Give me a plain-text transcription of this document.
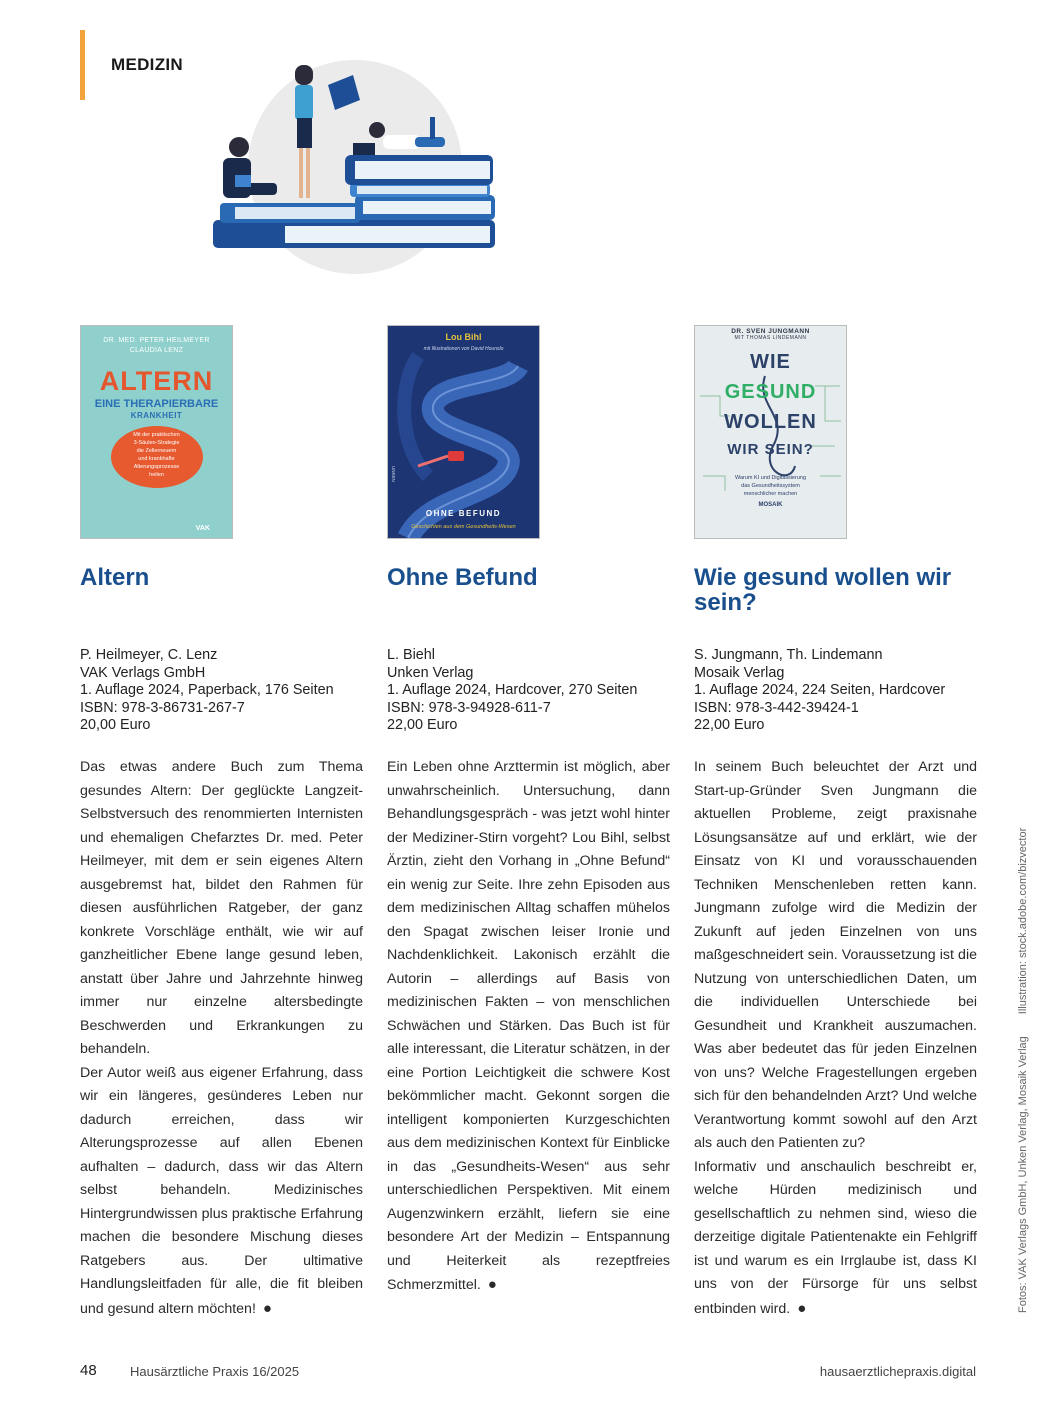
MEDIZIN
DR. MED. PETER HEILMEYER
CLAUDIA LENZ
ALTERN
EINE THERAPIERBARE
KRANKHEIT
Mit der praktischen
3-Säulen-Strategie
die Zellerneuern
und krankhafte
Alterungsprozesse
heilen
VAK
Altern
P. Heilmeyer, C. Lenz
VAK Verlags GmbH
1. Auflage 2024, Paperback, 176 Seiten
ISBN: 978-3-86731-267-7
20,00 Euro

Das etwas andere Buch zum Thema gesundes Altern: Der geglückte Langzeit-Selbstversuch des renommierten Internisten und ehemaligen Chefarztes Dr. med. Peter Heilmeyer, mit dem er sein eigenes Altern ausgebremst hat, bildet den Rahmen für diesen ausführlichen Ratgeber, der ganz konkrete Vorschläge enthält, wie wir auf ganzheitlicher Ebene lange gesund leben, anstatt über Jahre und Jahrzehnte hinweg immer nur einzelne altersbedingte Beschwerden und Erkrankungen zu behandeln.

Der Autor weiß aus eigener Erfahrung, dass wir ein längeres, gesünderes Leben nur dadurch erreichen, dass wir Alterungsprozesse auf allen Ebenen aufhalten – dadurch, dass wir das Altern selbst behandeln. Medizinisches Hintergrundwissen plus praktische Erfahrung machen die besondere Mischung dieses Ratgebers aus. Der ultimative Handlungsleitfaden für alle, die fit bleiben und gesund altern möchten! ●

Lou Bihl
mit Illustrationen von David Hounslo
UNKEN
OHNE BEFUND
Geschichten aus dem Gesundheits-Wesen
Ohne Befund
L. Biehl
Unken Verlag
1. Auflage 2024, Hardcover, 270 Seiten
ISBN: 978-3-94928-611-7
22,00 Euro

Ein Leben ohne Arzttermin ist möglich, aber unwahrscheinlich. Untersuchung, dann Behandlungsgespräch - was jetzt wohl hinter der Mediziner-Stirn vorgeht? Lou Bihl, selbst Ärztin, zieht den Vorhang in „Ohne Befund“ ein wenig zur Seite. Ihre zehn Episoden aus dem medizinischen Alltag schaffen mühelos den Spagat zwischen leiser Ironie und Nachdenklichkeit. Lakonisch erzählt die Autorin – allerdings auf Basis von medizinischen Fakten – von menschlichen Schwächen und Stärken. Das Buch ist für alle interessant, die Literatur schätzen, in der eine Portion Leichtigkeit die schwere Kost bekömmlicher macht. Gekonnt sorgen die intelligent komponierten Kurzgeschichten aus dem medizinischen Kontext für Einblicke in das „Gesundheits-Wesen“ aus sehr unterschiedlichen Perspektiven. Mit einem Augenzwinkern erzählt, liefern sie eine besondere Art der Medizin – Entspannung und Heiterkeit als rezeptfreies Schmerzmittel. ●

DR. SVEN JUNGMANN
MIT THOMAS LINDEMANN
WIE
GESUND
WOLLEN
WIR SEIN?
Warum KI und Digitalisierung
das Gesundheitssystem
menschlicher machen
MOSAIK
Wie gesund wollen wir sein?
S. Jungmann, Th. Lindemann
Mosaik Verlag
1. Auflage 2024, 224 Seiten, Hardcover
ISBN: 978-3-442-39424-1
22,00 Euro

In seinem Buch beleuchtet der Arzt und Start-up-Gründer Sven Jungmann die aktuellen Probleme, zeigt praxisnahe Lösungsansätze auf und erklärt, wie der Einsatz von KI und vorausschauenden Techniken Menschenleben retten kann. Jungmann zufolge wird die Medizin der Zukunft auf jeden Einzelnen von uns maßgeschneidert sein. Voraussetzung ist die Nutzung von unterschiedlichen Daten, um die individuellen Unterschiede bei Gesundheit und Krankheit auszumachen. Was aber bedeutet das für jeden Einzelnen von uns? Welche Fragestellungen ergeben sich für den behandelnden Arzt? Und welche Verantwortung kommt sowohl auf den Arzt als auch den Patienten zu?

Informativ und anschaulich beschreibt er, welche Hürden medizinisch und gesellschaftlich zu nehmen sind, wieso die derzeitige digitale Patientenakte ein Fehlgriff ist und warum es ein Irrglaube ist, dass KI uns von der Fürsorge für uns selbst entbinden wird. ●	Fotos: VAK Verlags GmbH, Unken Verlag, Mosaik VerlagIllustration: stock.adobe.com/bizvector
48	Hausärztliche Praxis 16/2025	hausaerztlichepraxis.digital
